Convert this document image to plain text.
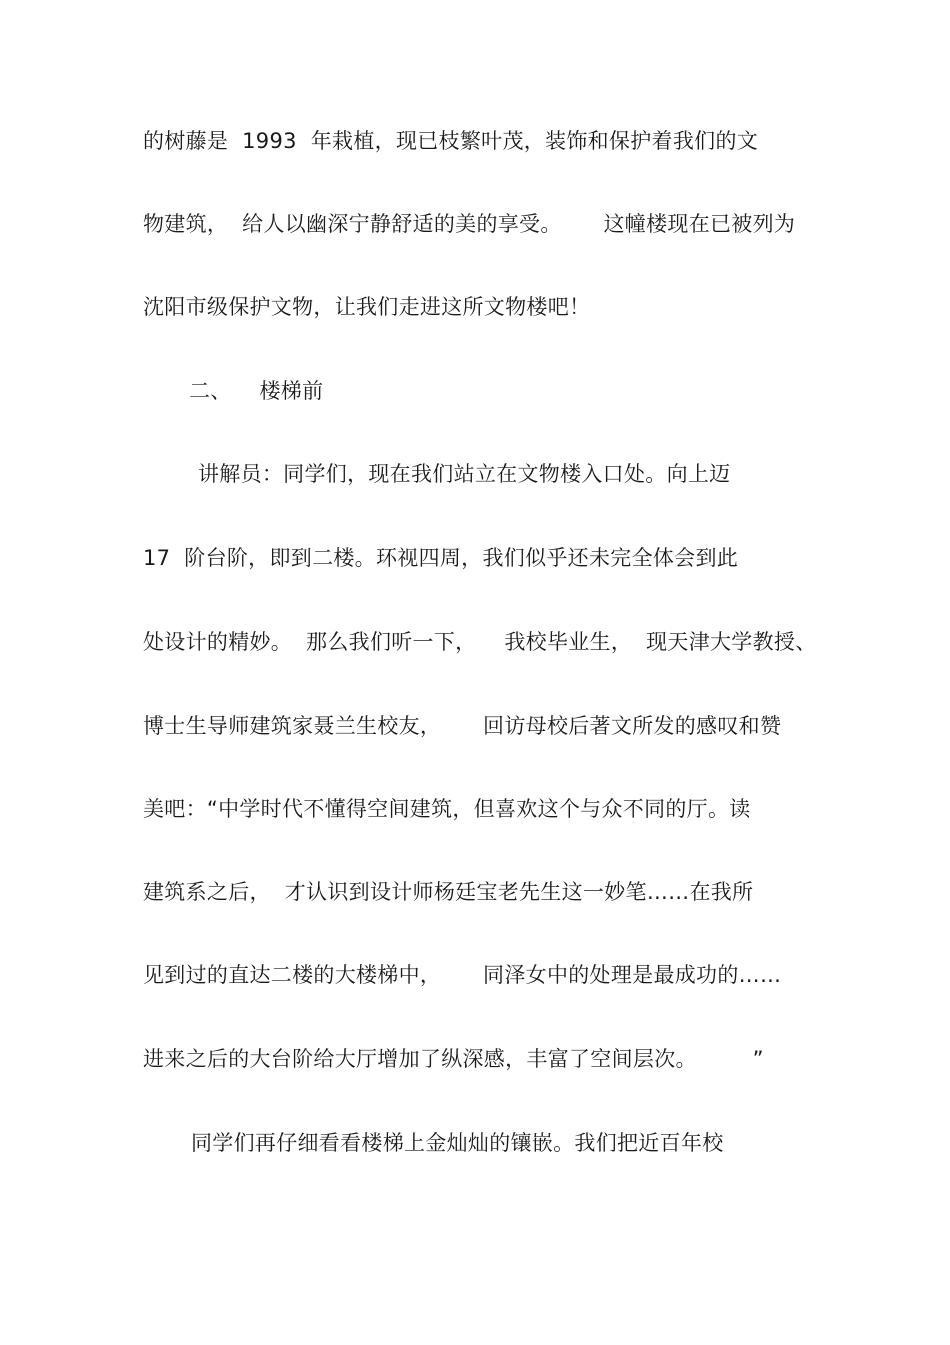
的树藤是  1993  年栽植，现已枝繁叶茂，装饰和保护着我们的文
物建筑，  给人以幽深宁静舒适的美的享受。      这幢楼现在已被列为
沈阳市级保护文物，让我们走进这所文物楼吧！
二、    楼梯前
讲解员：同学们，现在我们站立在文物楼入口处。向上迈
17  阶台阶，即到二楼。环视四周，我们似乎还未完全体会到此
处设计的精妙。  那么我们听一下，    我校毕业生，  现天津大学教授、
博士生导师建筑家聂兰生校友，      回访母校后著文所发的感叹和赞
美吧：“中学时代不懂得空间建筑，但喜欢这个与众不同的厅。读
建筑系之后，  才认识到设计师杨廷宝老先生这一妙笔……在我所
见到过的直达二楼的大楼梯中，      同泽女中的处理是最成功的……
进来之后的大台阶给大厅增加了纵深感，丰富了空间层次。        ”
同学们再仔细看看楼梯上金灿灿的镶嵌。我们把近百年校
